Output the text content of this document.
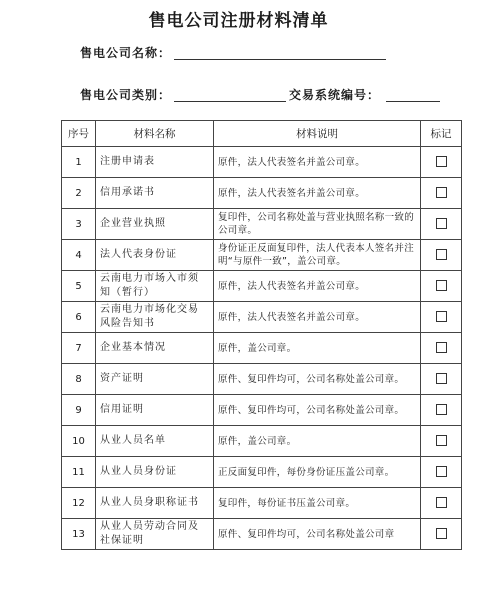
售电公司注册材料清单
售电公司名称：
售电公司类别：	交易系统编号：
序号	材料名称	材料说明	标记
1	注册申请表	原件，法人代表签名并盖公司章。	
2	信用承诺书	原件，法人代表签名并盖公司章。	
3	企业营业执照	复印件，公司名称处盖与营业执照名称一致的公司章。	
4	法人代表身份证	身份证正反面复印件，法人代表本人签名并注明“与原件一致”，盖公司章。	
5	云南电力市场入市须知（暂行）	原件，法人代表签名并盖公司章。	
6	云南电力市场化交易风险告知书	原件，法人代表签名并盖公司章。	
7	企业基本情况	原件，盖公司章。	
8	资产证明	原件、复印件均可，公司名称处盖公司章。	
9	信用证明	原件、复印件均可，公司名称处盖公司章。	
10	从业人员名单	原件，盖公司章。	
11	从业人员身份证	正反面复印件，每份身份证压盖公司章。	
12	从业人员身职称证书	复印件，每份证书压盖公司章。	
13	从业人员劳动合同及社保证明	原件、复印件均可，公司名称处盖公司章	
